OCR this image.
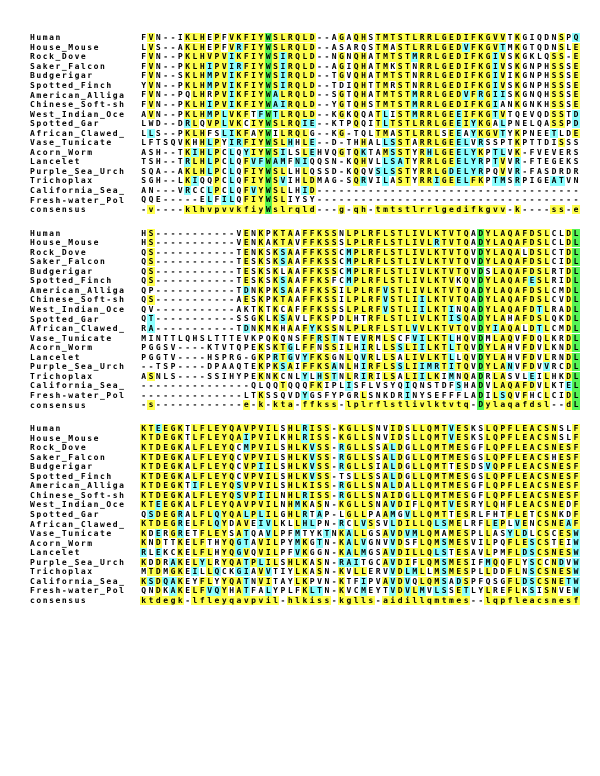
Human	F V N - - I K L H E P F V K F I Y W S L R Q L D - - A G A Q H S T M T S T L R R L G E D I F K G V V T K G I Q D N S P Q
House_Mouse	L V S - - A K L H E P F V R F I Y W S L R Q L D - - A S A R Q S T M A S T L R R L G E D V F K G V T M K G T Q D N S L E
Rock_Dove	F V N - - P K L H V P V I K F I Y W S I R Q L D - - N G N Q H A T M T S T M R R L G E D I F K G I V S K G K L Q S S - E
Saker_Falcon	F V N - - P K L H I P V I R F I Y W S I R Q L D - - A G I Q H A T M K S T N R R L G E D I F K G I V S K G N P H S S S E
Budgerigar	F V N - - S K L H M P V I K F I Y W S I R Q L D - - T G V Q H A T M T S T N R R L G E D I F K G I V I K G N P H S S S E
Spotted_Finch	Y V N - - P K L H M P V I K F I Y W S I R Q L D - - T D I Q H T T M R S T N R R L G E D I F K G I V S K G N P H S S S E
American_Alliga	F V N - - P Q L H R P V I K F I Y W A L R Q L D - - S G T Q H A T M T S T M R R L G E D V F R G I I S K G N Q H S S S E
Chinese_Soft-sh	F V N - - P K L H I P V I K F I Y W A I R Q L D - - Y G T Q H S T M T S T M R R L G E D I F K G I A N K G N K H S S S E
West_Indian_Oce	A V N - - P K L H M P L V K F T F W T L R Q L D - - K G K Q Q A T L I S T M R R L G E E I F K G T V T Q E V Q D S S T D
Spotted_Gar	L W D - - D R L Q V P L V K C I Y W S L R Q I E - - K T P Q Q I T L T S T L R R L G E E I Y K G A L P N E L Q A S S P D
African_Clawed_	L L S - - P K L H F S L I K F A Y W I L R Q L G - - K G - T Q L T M A S T L R R L S E E A Y K G V T Y K P N E E T L D E
Vase_Tunicate	L F T S Q V K H H L P Y I R F I Y W S L H H L E - - D - T H H A L L S S T A R R L G E E L V R S S P T K P T T D I S S S
Acorn_Worm	A S H - - T K I H L P C L Q Y I Y W S I L S L E H V Q G T Q K T A M S S T Y R H L G E E L Y K P T L V K - F V E V E R S
Lancelet	T S H - - T R L H L P C L Q F V F W A M F N I Q Q S N - K Q H V L L S A T Y R R L G E E L Y R P T V V R - F T E G E K S
Purple_Sea_Urch	S Q A - - A K L H L P C L Q F I Y W S L L H L Q S S D - K Q Q V S L S S T Y R R L G D E L Y R P Q V V R - F A S D R D R
Trichoplax	S G H - - L K I Q Q P C L Q F I Y W S V I H L D M A G - S Q R V I L A S T Y R R I G E E L F K P T M S R P I G E A T V N
California_Sea_	A N - - - V R C C L P C L Q F V Y W S L L H I D - - - - - - - - - - - - - - - - - - - - - - - - - - - - - - - - - - - -
Fresh-water_Pol	Q Q E - - - - - E L F I L Q F I Y W S L I Y S Y - - - - - - - - - - - - - - - - - - - - - - - - - - - - - - - - - - - -
consensus	- v - - - - k l h v p v v k f i y W s l r q l d - - - g - q h - t m t s t l r r l g e d i f k g v v - k - - - - s s - e
Human	H S - - - - - - - - - - - V E N K P K T A A F F K S S N L P L R F L S T L I V L K T V T Q A D Y L A Q A F D S L C L D L
House_Mouse	H S - - - - - - - - - - - V E N K A K T A V F F K S S S L P L R F L S T L I V L R T V T Q A D Y L A Q A F D S L C L D L
Rock_Dove	Q S - - - - - - - - - - - T E N K S K S A A F F K S S C M P L R F L S T L I V L K T V T Q V D Y L A Q A L D S L C T D L
Saker_Falcon	Q S - - - - - - - - - - - T E S K S K S A A F F K S S C M P L R F L S T L I V L K T V T Q V D Y L A Q A F D S L C I D L
Budgerigar	Q S - - - - - - - - - - - T E S K S K L A A F F K S S C M P L R F L S T L I V L K T V T Q V D S L A Q A F D S L R T D L
Spotted_Finch	Q S - - - - - - - - - - - T E S K S K S A A F F K S F C M P L R F L S T L I V L K T V K Q V D Y L A Q A F E S L R I D L
American_Alliga	Q P - - - - - - - - - - - T D N K P K S A A F F K S S I L P L R F V S T L I V L K T V T Q A D Y L A Q A F D S L C M D L
Chinese_Soft-sh	Q S - - - - - - - - - - - A E S K P K T A A F F K S S I L P L R F V S T L I I L K T V T Q A D Y L A Q A F D S L C V D L
West_Indian_Oce	Q V - - - - - - - - - - - A K T K T K C A F F F K S S S L P L R F V S T L I I L K T I N Q A D Y L A Q A F D T L R A D L
Spotted_Gar	Q T - - - - - - - - - - - S S G K L K S A V L F K S P D L H T R F L S T L I V L K T I S Q A D Y L A H A F D S L Q K D L
African_Clawed_	R A - - - - - - - - - - - T D N K M K H A A F Y K S S N L P L R F L S T L V V L K T V T Q V D Y I A Q A L D T L C M D L
Vase_Tunicate	M I N T T L Q H S L T T T E V K P Q K Q N S F F R S T N T E V R M L S C F V I L K T L H Q V D M L A Q V F D Q L K R D L
Acorn_Worm	P G G S V - - - - K T V T Q P E K S K T G L F F N S S I L H I R L L S S L I I L K T L T Q V D Y L A H V F D V L K N D L
Lancelet	P G G T V - - - - H S P R G - G K P R T G V Y F K S G N L Q V R L L S A L I V L K T L L Q V D Y L A H V F D V L R N D L
Purple_Sea_Urch	- - T S P - - - - D P A A Q T E K P K S A I F F K S A N L H I R F L S S L I I M R T I T Q V D Y L A N V F D V V R C D L
Trichoplax	A S N L S - - - - S S I H Y P E K N K C N L Y L H S T N L R I R I L S A L I I L K I M N Q A D R L A S V L E I L H K D L
California_Sea_	- - - - - - - - - - - - - - - Q L Q Q T Q Q Q F K I P L I S F L V S Y Q I Q N S T D F S H A D V L A Q A F D V L K T E L
Fresh-water_Pol	- - - - - - - - - - - - - - L T K S S Q V D Y G S F Y P G R L S N K D R I N Y S E F F F L A D I L S Q V F H C L C I D L
consensus	- s - - - - - - - - - - - - e - k - k t a - f f k s s - l p l r f l s t l i v l k t v t q - D y l a q a f d s l - - d L
Human	K T E E G K T L F L E Y Q A V P V I L S H L R I S S - K G L L S N V I D S L L Q M T V E S K S L Q P F L E A C S N S L F
House_Mouse	K T D E G K T L F L E Y Q A I P V I L K H L R I S S - K G L L S N V I D S L L Q M T V E S K S L Q P F L E A C S N S L F
Rock_Dove	K T D E G K A L F L E Y Q C M P V I L S H L K V S S - R G L L S S A L D G L L Q M T M E S G F L Q P F L E A C S N E S F
Saker_Falcon	K T D E G K A L F L E Y Q C V P V I L S H L K V S S - R G L L S S A L D G L L Q M T M E S G S L Q P F L E A C S H E S F
Budgerigar	K T D E G K A L F L E Y Q C V P I I L S H L K V S S - R G L L S I A L D G L L Q M T T E S D S V Q P F L E A C S N E S F
Spotted_Finch	K T D E G K A L F L E Y Q C V P V I L S H L K V S S - T S L L S S A L D G L L Q M T M E S G S L Q P F L E A C S N E S F
American_Alliga	K T D E G K T I F L E Y Q S V P V I L S H L K I S S - R G L L S N A L D A L L Q M T M E S G F L Q P F L E A C S N E S F
Chinese_Soft-sh	K T D E G K A L F L E Y Q S V P I I L N H L R I S S - R G L L S N A I D G L L Q M T M E S G F L Q P F L E A C S N E S F
West_Indian_Oce	K T E E G K A L F L E Y Q A V P V I L N H M K A S N - K G L L S N A V D I F L Q M T V E S R Y L Q H F L E A C S N E D F
Spotted_Gar	Q S D E G R A L F L Q Y Q A L P L I L G H L R T A P - L G L L P A A M G V L L Q M T T E S R L F H T F L E T C S N K D F
African_Clawed_	K T D E G R E L F L Q Y D A V E I V L K L L H L P N - R C L V S S V L D I L L Q L S M E L R F L E P L V E N C S N E A F
Vase_Tunicate	K D E R G R E T F L E Y S A T Q A V L P F M T Y K T N K A L L G S A V D V M L Q M A M E S P L L A S Y L D L C S C E S W
Acorn_Worm	K N D T T K E L F T H Y Q G T A V I L P Y M K G T N - K A L V G N V V D S F L Q M S M E S V I L P Q F L E S C S T E I W
Lancelet	R L E K C K E L F L H Y Q G V Q V I L P F V K G G N - K A L M G S A V D I L L Q L S T E S A V L P M F L D S C S N E S W
Purple_Sea_Urch	K D D R A K E L Y L R Y Q A T P L I L S H L K A S N - R A I T G C A V D I F L Q M S M E S I F M Q Q F L Y S C C N D V W
Trichoplax	M T D M G K E I L L Q C K G I A V V T I Y L K A S N - K V L L E R V V D L M L L M S M E S P L L D D F L N S C S N E S W
California_Sea_	K S D Q A K E Y F L Y Y Q A T N V I T A Y L K P V N - K T F I P V A V D V Q L Q M S A D S P F Q S G F L D S C S N E T W
Fresh-water_Pol	Q N D K A K E L F V Q Y H A T F A L Y P L F K L T N - K V C M E Y T V D V L M V L S S E T L Y L R E F L K S I S N V E W
consensus	k t d e g k - l f l e y q a v p v i l - h l k i s s - k g l l s - a i d i l l q m t m e s - - l q p f l e a c s n e s f
